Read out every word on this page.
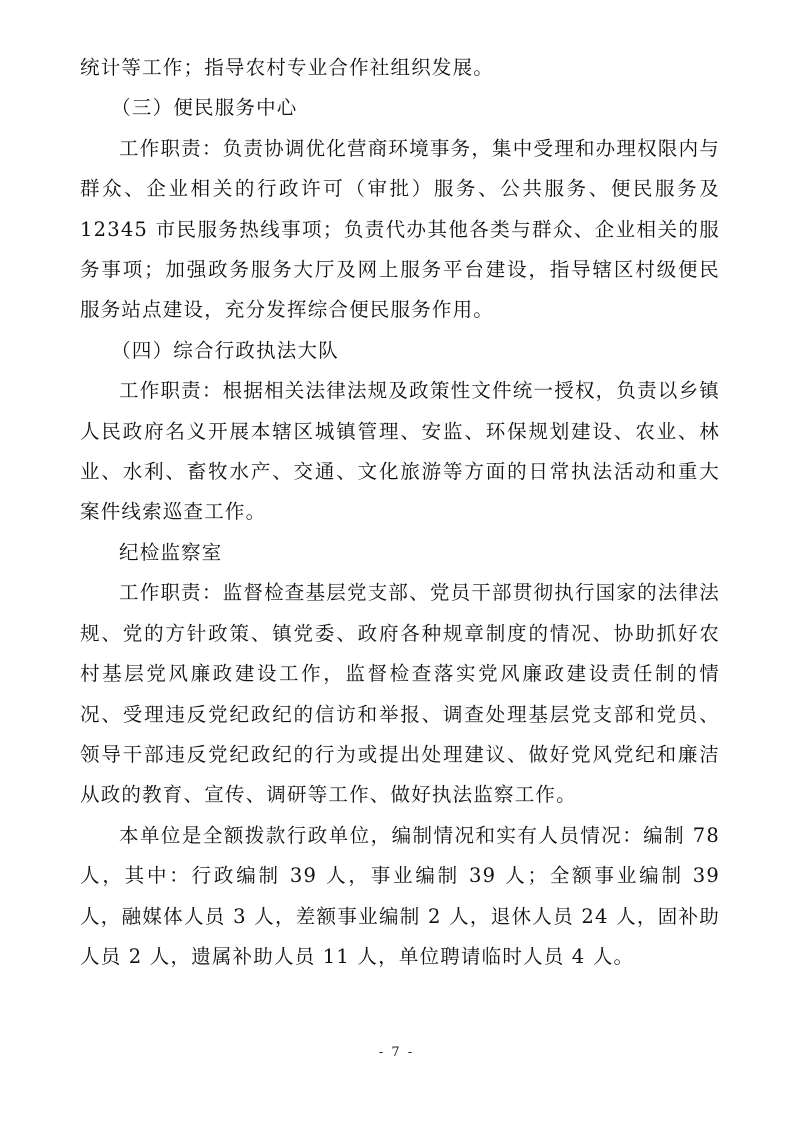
统计等工作；指导农村专业合作社组织发展。

（三）便民服务中心

工作职责：负责协调优化营商环境事务，集中受理和办理权限内与群众、企业相关的行政许可（审批）服务、公共服务、便民服务及 12345 市民服务热线事项；负责代办其他各类与群众、企业相关的服务事项；加强政务服务大厅及网上服务平台建设，指导辖区村级便民服务站点建设，充分发挥综合便民服务作用。

（四）综合行政执法大队

工作职责：根据相关法律法规及政策性文件统一授权，负责以乡镇人民政府名义开展本辖区城镇管理、安监、环保规划建设、农业、林业、水利、畜牧水产、交通、文化旅游等方面的日常执法活动和重大案件线索巡查工作。

纪检监察室

工作职责：监督检查基层党支部、党员干部贯彻执行国家的法律法规、党的方针政策、镇党委、政府各种规章制度的情况、协助抓好农村基层党风廉政建设工作，监督检查落实党风廉政建设责任制的情况、受理违反党纪政纪的信访和举报、调查处理基层党支部和党员、领导干部违反党纪政纪的行为或提出处理建议、做好党风党纪和廉洁从政的教育、宣传、调研等工作、做好执法监察工作。

本单位是全额拨款行政单位，编制情况和实有人员情况：编制 78 人，其中：行政编制 39 人，事业编制 39 人；全额事业编制 39 人，融媒体人员 3 人，差额事业编制 2 人，退休人员 24 人，固补助人员 2 人，遗属补助人员 11 人，单位聘请临时人员 4 人。

- 7 -
